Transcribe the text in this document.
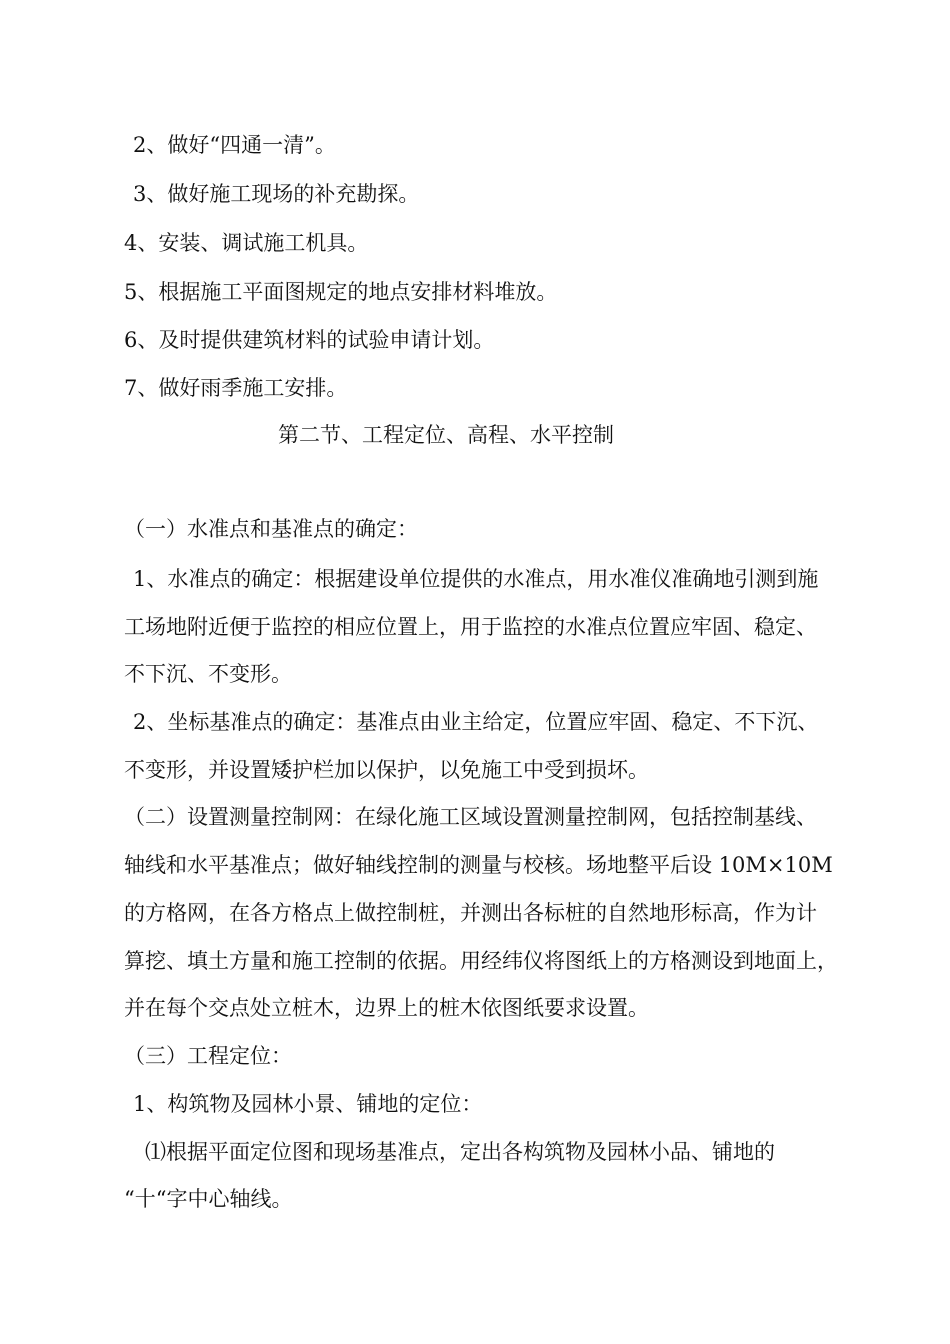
2、做好“四通一清”。

3、做好施工现场的补充勘探。

4、安装、调试施工机具。

5、根据施工平面图规定的地点安排材料堆放。

6、及时提供建筑材料的试验申请计划。

7、做好雨季施工安排。

第二节、工程定位、高程、水平控制

（一）水准点和基准点的确定：

1、水准点的确定：根据建设单位提供的水准点，用水准仪准确地引测到施

工场地附近便于监控的相应位置上，用于监控的水准点位置应牢固、稳定、

不下沉、不变形。

2、坐标基准点的确定：基准点由业主给定，位置应牢固、稳定、不下沉、

不变形，并设置矮护栏加以保护，以免施工中受到损坏。

（二）设置测量控制网：在绿化施工区域设置测量控制网，包括控制基线、

轴线和水平基准点；做好轴线控制的测量与校核。场地整平后设 10M×10M

的方格网，在各方格点上做控制桩，并测出各标桩的自然地形标高，作为计

算挖、填土方量和施工控制的依据。用经纬仪将图纸上的方格测设到地面上，

并在每个交点处立桩木，边界上的桩木依图纸要求设置。

（三）工程定位：

1、构筑物及园林小景、铺地的定位：

⑴根据平面定位图和现场基准点，定出各构筑物及园林小品、铺地的

“十“字中心轴线。
